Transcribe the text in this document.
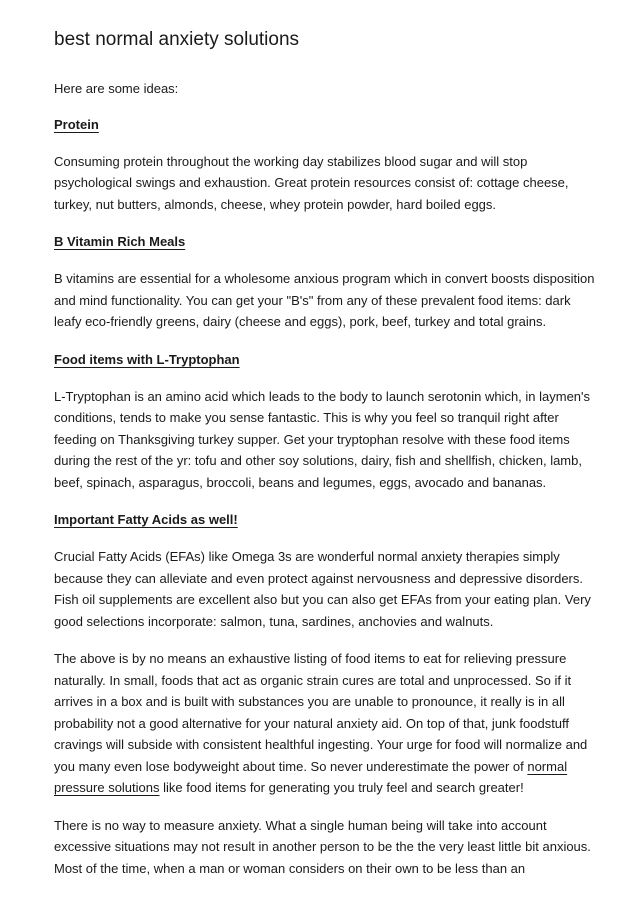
best normal anxiety solutions

Here are some ideas:

Protein

Consuming protein throughout the working day stabilizes blood sugar and will stop psychological swings and exhaustion. Great protein resources consist of: cottage cheese, turkey, nut butters, almonds, cheese, whey protein powder, hard boiled eggs.

B Vitamin Rich Meals

B vitamins are essential for a wholesome anxious program which in convert boosts disposition and mind functionality. You can get your "B's" from any of these prevalent food items: dark leafy eco-friendly greens, dairy (cheese and eggs), pork, beef, turkey and total grains.

Food items with L-Tryptophan

L-Tryptophan is an amino acid which leads to the body to launch serotonin which, in laymen's conditions, tends to make you sense fantastic. This is why you feel so tranquil right after feeding on Thanksgiving turkey supper. Get your tryptophan resolve with these food items during the rest of the yr: tofu and other soy solutions, dairy, fish and shellfish, chicken, lamb, beef, spinach, asparagus, broccoli, beans and legumes, eggs, avocado and bananas.

Important Fatty Acids as well!

Crucial Fatty Acids (EFAs) like Omega 3s are wonderful normal anxiety therapies simply because they can alleviate and even protect against nervousness and depressive disorders. Fish oil supplements are excellent also but you can also get EFAs from your eating plan. Very good selections incorporate: salmon, tuna, sardines, anchovies and walnuts.

The above is by no means an exhaustive listing of food items to eat for relieving pressure naturally. In small, foods that act as organic strain cures are total and unprocessed. So if it arrives in a box and is built with substances you are unable to pronounce, it really is in all probability not a good alternative for your natural anxiety aid. On top of that, junk foodstuff cravings will subside with consistent healthful ingesting. Your urge for food will normalize and you many even lose bodyweight about time. So never underestimate the power of normal pressure solutions like food items for generating you truly feel and search greater!

There is no way to measure anxiety. What a single human being will take into account excessive situations may not result in another person to be the the very least little bit anxious. Most of the time, when a man or woman considers on their own to be less than an
